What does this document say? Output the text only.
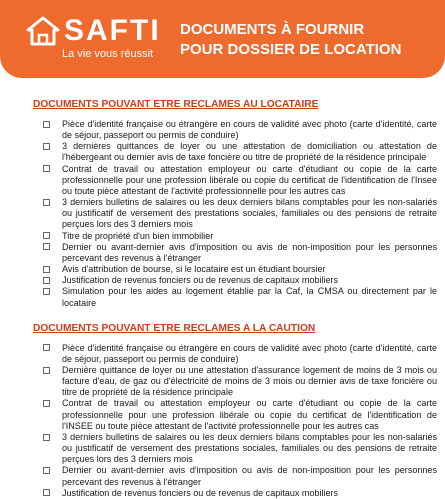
SAFTI
La vie vous réussit
DOCUMENTS À FOURNIR
POUR DOSSIER DE LOCATION
DOCUMENTS POUVANT ETRE RECLAMES AU LOCATAIRE
Pièce d'identité française ou étrangère en cours de validité avec photo (carte d'identité, carte de séjour, passeport ou permis de conduire)
3 dernières quittances de loyer ou une attestation de domiciliation ou attestation de l'hébergeant ou dernier avis de taxe foncière ou titre de propriété de la résidence principale
Contrat de travail ou attestation employeur ou carte d'étudiant ou copie de la carte professionnelle pour une profession libérale ou copie du certificat de l'identification de l'Insee ou toute pièce attestant de l'activité professionnelle pour les autres cas
3 derniers bulletins de salaires ou les deux derniers bilans comptables pour les non-salariés ou justificatif de versement des prestations sociales, familiales ou des pensions de retraite perçues lors des 3 derniers mois
Titre de propriété d'un bien immobilier
Dernier ou avant-dernier avis d'imposition ou avis de non-imposition pour les personnes percevant des revenus à l'étranger
Avis d'attribution de bourse, si le locataire est un étudiant boursier
Justification de revenus fonciers ou de revenus de capitaux mobiliers
Simulation pour les aides au logement établie par la Caf, la CMSA ou directement par le locataire
DOCUMENTS POUVANT ETRE RECLAMES A LA CAUTION
Pièce d'identité française ou étrangère en cours de validité avec photo (carte d'identité, carte de séjour, passeport ou permis de conduire)
Dernière quittance de loyer ou une attestation d'assurance logement de moins de 3 mois ou facture d'eau, de gaz ou d'électricité de moins de 3 mois ou dernier avis de taxe foncière ou titre de propriété de la résidence principale
Contrat de travail ou attestation employeur ou carte d'étudiant ou copie de la carte professionnelle pour une profession libérale ou copie du certificat de l'identification de l'INSEE ou toute pièce attestant de l'activité professionnelle pour les autres cas
3 derniers bulletins de salaires ou les deux derniers bilans comptables pour les non-salariés ou justificatif de versement des prestations sociales, familiales ou des pensions de retraite perçues lors des 3 derniers mois
Dernier ou avant-dernier avis d'imposition ou avis de non-imposition pour les personnes percevant des revenus à l'étranger
Justification de revenus fonciers ou de revenus de capitaux mobiliers
